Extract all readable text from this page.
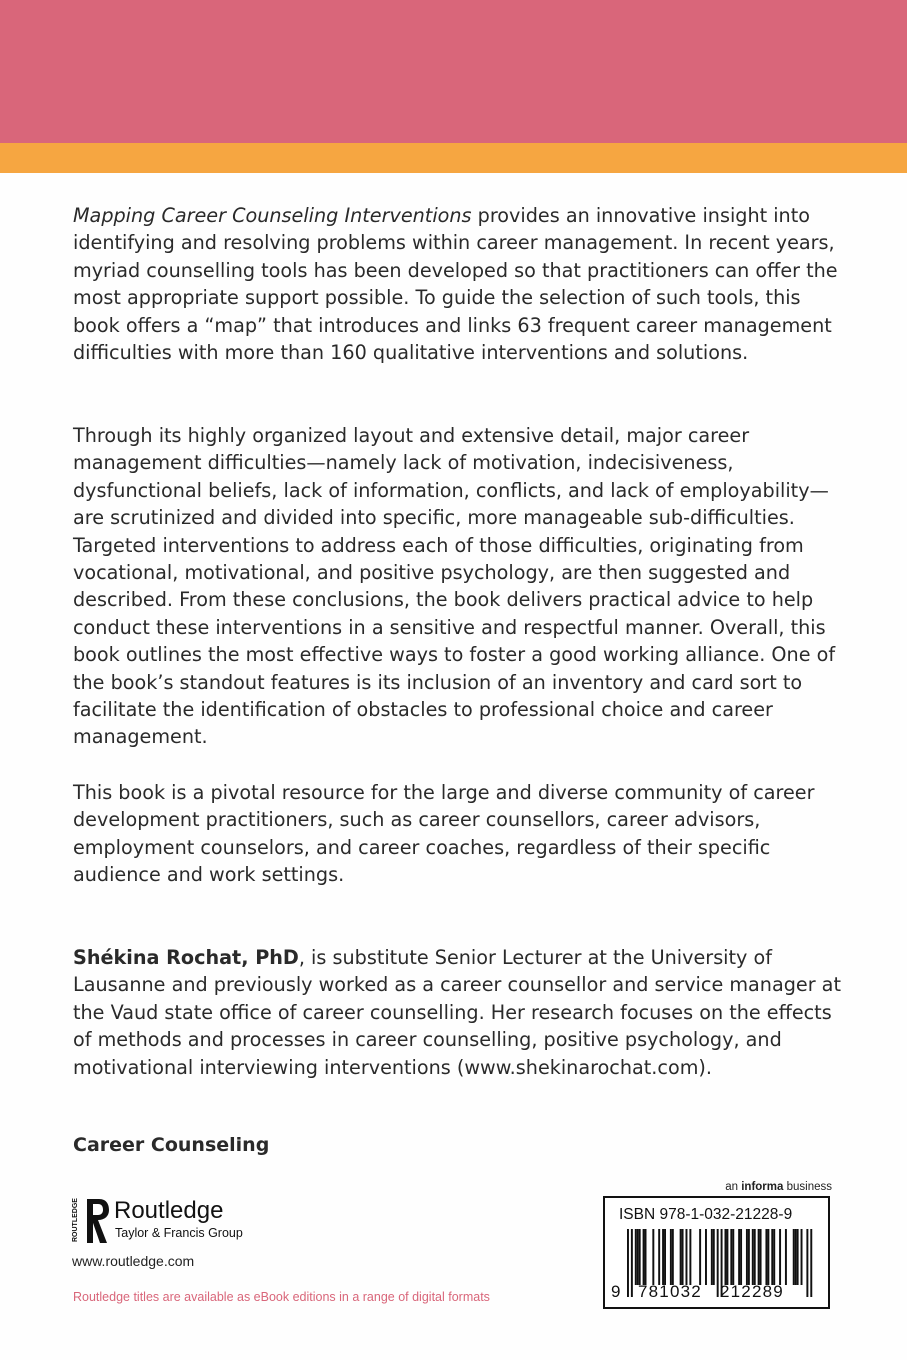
Mapping Career Counseling Interventions provides an innovative insight into identifying and resolving problems within career management. In recent years, myriad counselling tools has been developed so that practitioners can offer the most appropriate support possible. To guide the selection of such tools, this book offers a “map” that introduces and links 63 frequent career management difficulties with more than 160 qualitative interventions and solutions.

Through its highly organized layout and extensive detail, major career management difficulties—namely lack of motivation, indecisiveness, dysfunctional beliefs, lack of information, conflicts, and lack of employability—are scrutinized and divided into specific, more manageable sub-difficulties. Targeted interventions to address each of those difficulties, originating from vocational, motivational, and positive psychology, are then suggested and described. From these conclusions, the book delivers practical advice to help conduct these interventions in a sensitive and respectful manner. Overall, this book outlines the most effective ways to foster a good working alliance. One of the book’s standout features is its inclusion of an inventory and card sort to facilitate the identification of obstacles to professional choice and career management.

This book is a pivotal resource for the large and diverse community of career development practitioners, such as career counsellors, career advisors, employment counselors, and career coaches, regardless of their specific audience and work settings.

Shékina Rochat, PhD, is substitute Senior Lecturer at the University of Lausanne and previously worked as a career counsellor and service manager at the Vaud state office of career counselling. Her research focuses on the effects of methods and processes in career counselling, positive psychology, and motivational interviewing interventions (www.shekinarochat.com).

Career Counseling

ROUTLEDGE Routledge
Taylor & Francis Group
www.routledge.com
Routledge titles are available as eBook editions in a range of digital formats
an informa business
ISBN 978-1-032-21228-9
9 781032 212289
